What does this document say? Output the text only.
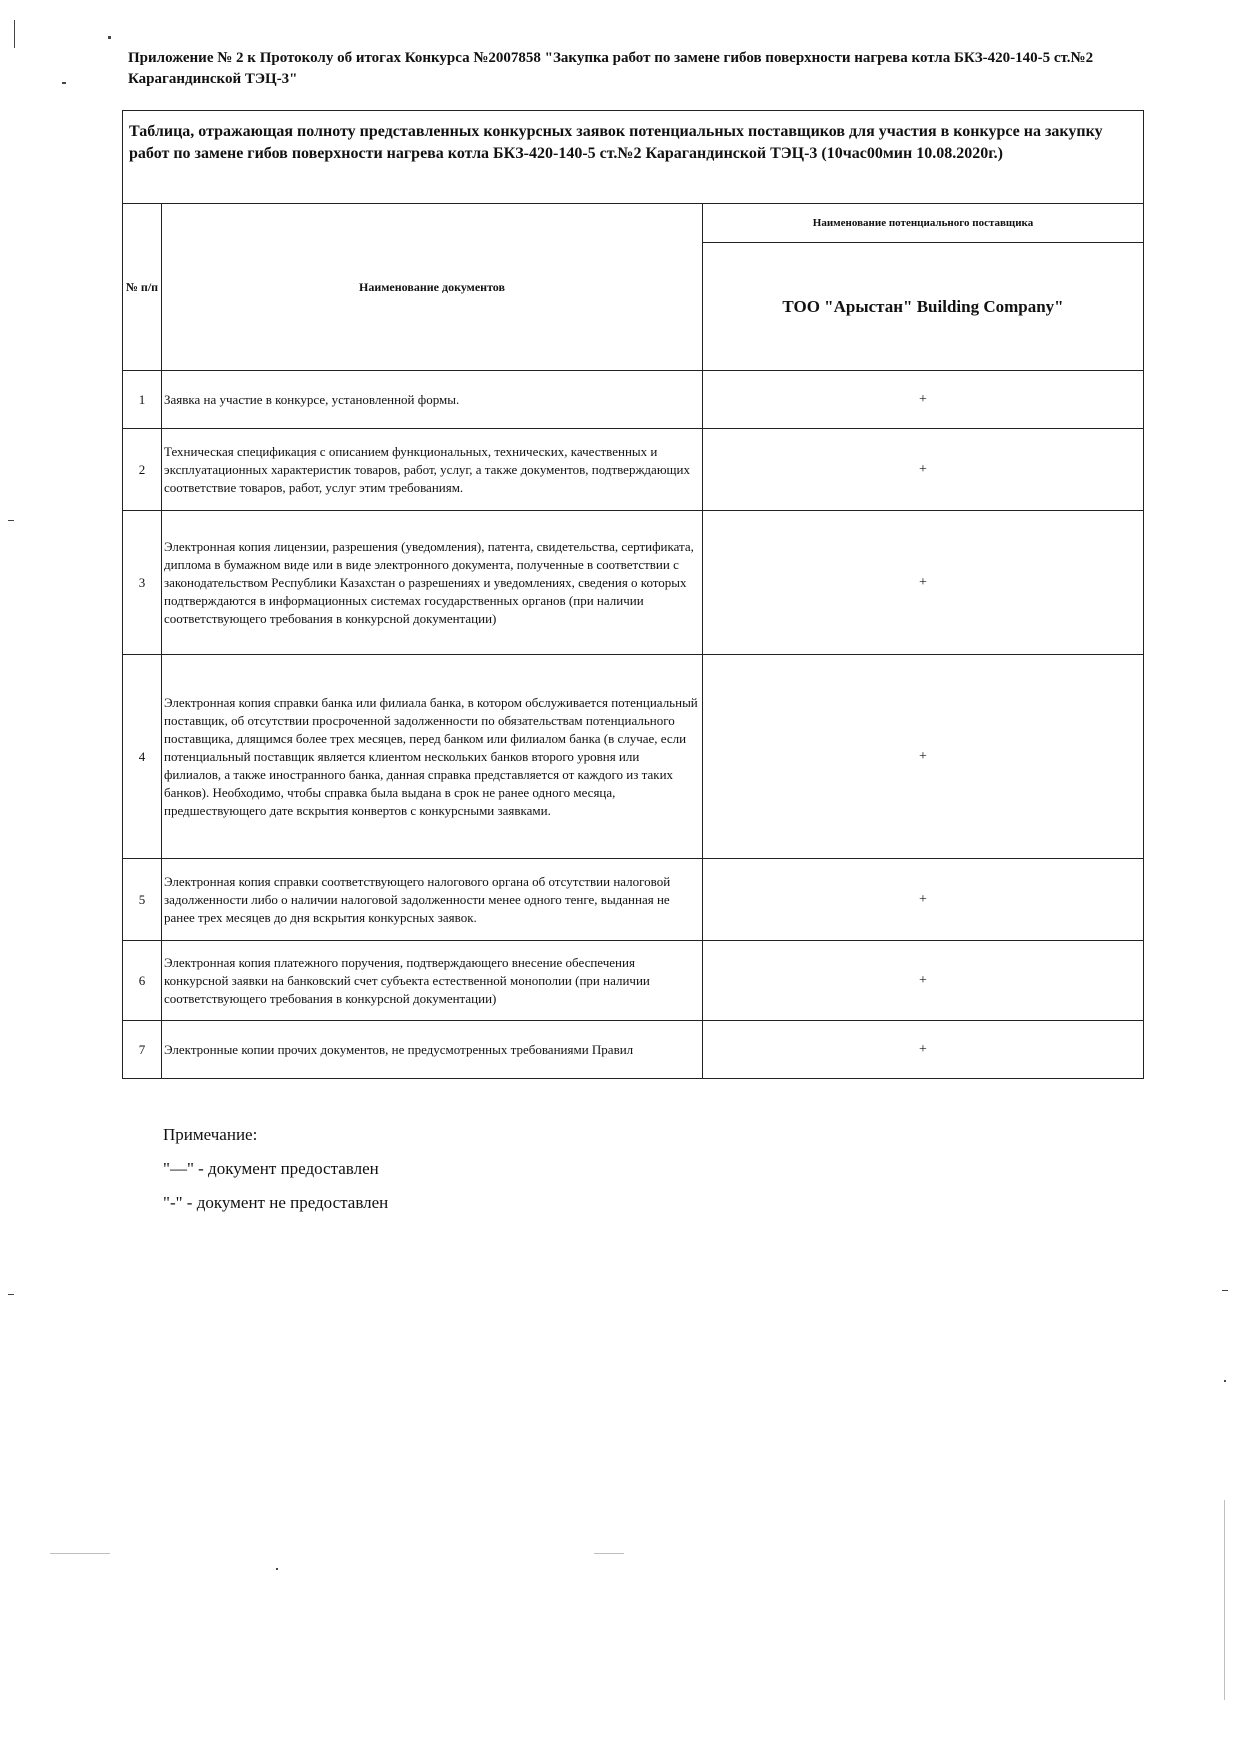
Приложение № 2 к Протоколу об итогах Конкурса №2007858 "Закупка работ по замене гибов поверхности нагрева котла БКЗ-420-140-5 ст.№2 Карагандинской ТЭЦ-3"
Таблица, отражающая полноту представленных конкурсных заявок потенциальных поставщиков для участия в конкурсе на закупку работ по замене гибов поверхности нагрева котла БКЗ-420-140-5 ст.№2 Карагандинской ТЭЦ-3 (10час00мин 10.08.2020г.)		
№ п/п	Наименование документов	Наименование потенциального поставщика
		ТОО "Арыстан" Building Company"
1	Заявка на участие в конкурсе, установленной формы.	+
2	Техническая спецификация с описанием функциональных, технических, качественных и эксплуатационных характеристик товаров, работ, услуг, а также документов, подтверждающих соответствие товаров, работ, услуг этим требованиям.	+
3	Электронная копия лицензии, разрешения (уведомления), патента, свидетельства, сертификата, диплома в бумажном виде или в виде электронного документа, полученные в соответствии с законодательством Республики Казахстан о разрешениях и уведомлениях, сведения о которых подтверждаются в информационных системах государственных органов (при наличии соответствующего требования в конкурсной документации)	+
4	Электронная копия справки банка или филиала банка, в котором обслуживается потенциальный поставщик, об отсутствии просроченной задолженности по обязательствам потенциального поставщика, длящимся более трех месяцев, перед банком или филиалом банка (в случае, если потенциальный поставщик является клиентом нескольких банков второго уровня или филиалов, а также иностранного банка, данная справка представляется от каждого из таких банков). Необходимо, чтобы справка была выдана в срок не ранее одного месяца, предшествующего дате вскрытия конвертов с конкурсными заявками.	+
5	Электронная копия справки соответствующего налогового органа об отсутствии налоговой задолженности либо о наличии налоговой задолженности менее одного тенге, выданная не ранее трех месяцев до дня вскрытия конкурсных заявок.	+
6	Электронная копия платежного поручения, подтверждающего внесение обеспечения конкурсной заявки на банковский счет субъекта естественной монополии (при наличии соответствующего требования в конкурсной документации)	+
7	Электронные копии прочих документов, не предусмотренных требованиями Правил	+
Примечание:
"—" - документ предоставлен
"-" - документ не предоставлен
